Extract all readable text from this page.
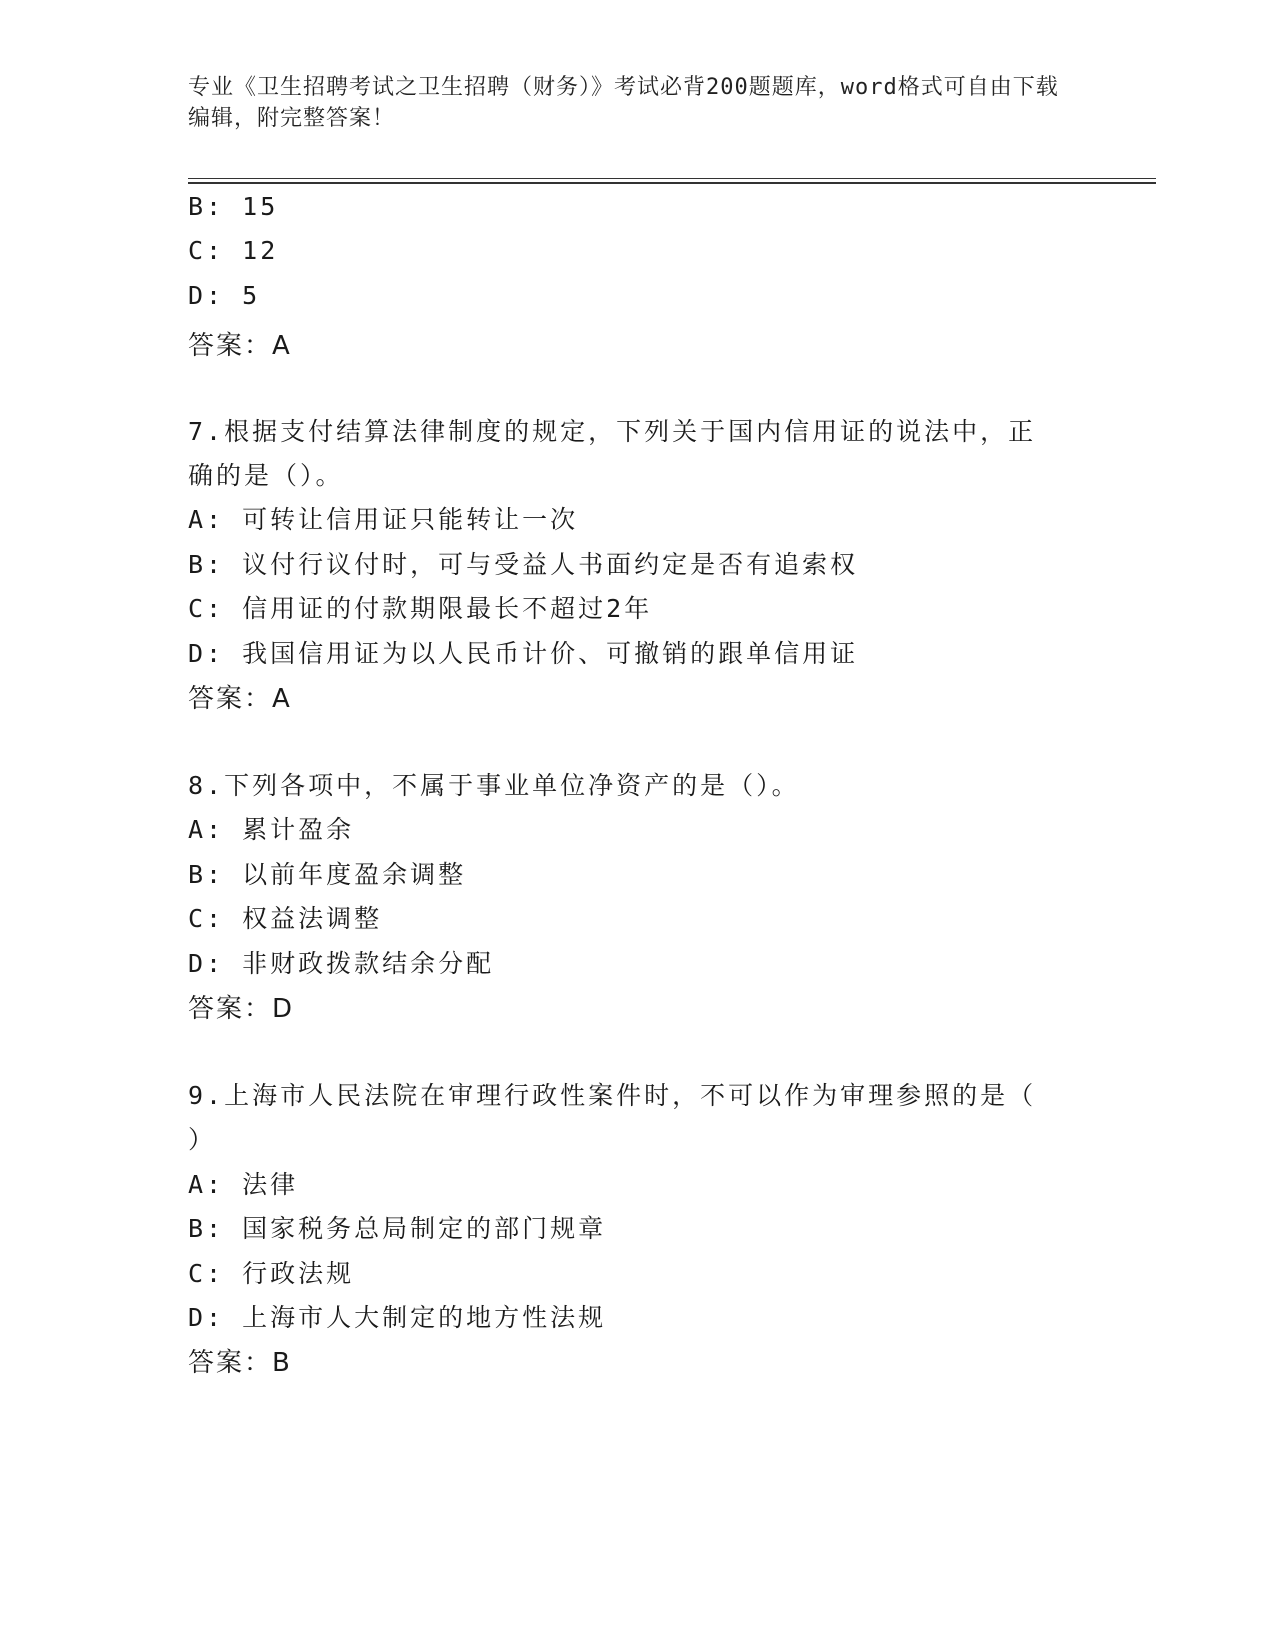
专业《卫生招聘考试之卫生招聘（财务）》考试必背200题题库，word格式可自由下载编辑，附完整答案！
B: 15
C: 12
D: 5
答案：A
7.根据支付结算法律制度的规定，下列关于国内信用证的说法中，正
确的是（）。
A: 可转让信用证只能转让一次
B: 议付行议付时，可与受益人书面约定是否有追索权
C: 信用证的付款期限最长不超过2年
D: 我国信用证为以人民币计价、可撤销的跟单信用证
答案：A
8.下列各项中，不属于事业单位净资产的是（）。
A: 累计盈余
B: 以前年度盈余调整
C: 权益法调整
D: 非财政拨款结余分配
答案：D
9.上海市人民法院在审理行政性案件时，不可以作为审理参照的是（
）
A: 法律
B: 国家税务总局制定的部门规章
C: 行政法规
D: 上海市人大制定的地方性法规
答案：B
